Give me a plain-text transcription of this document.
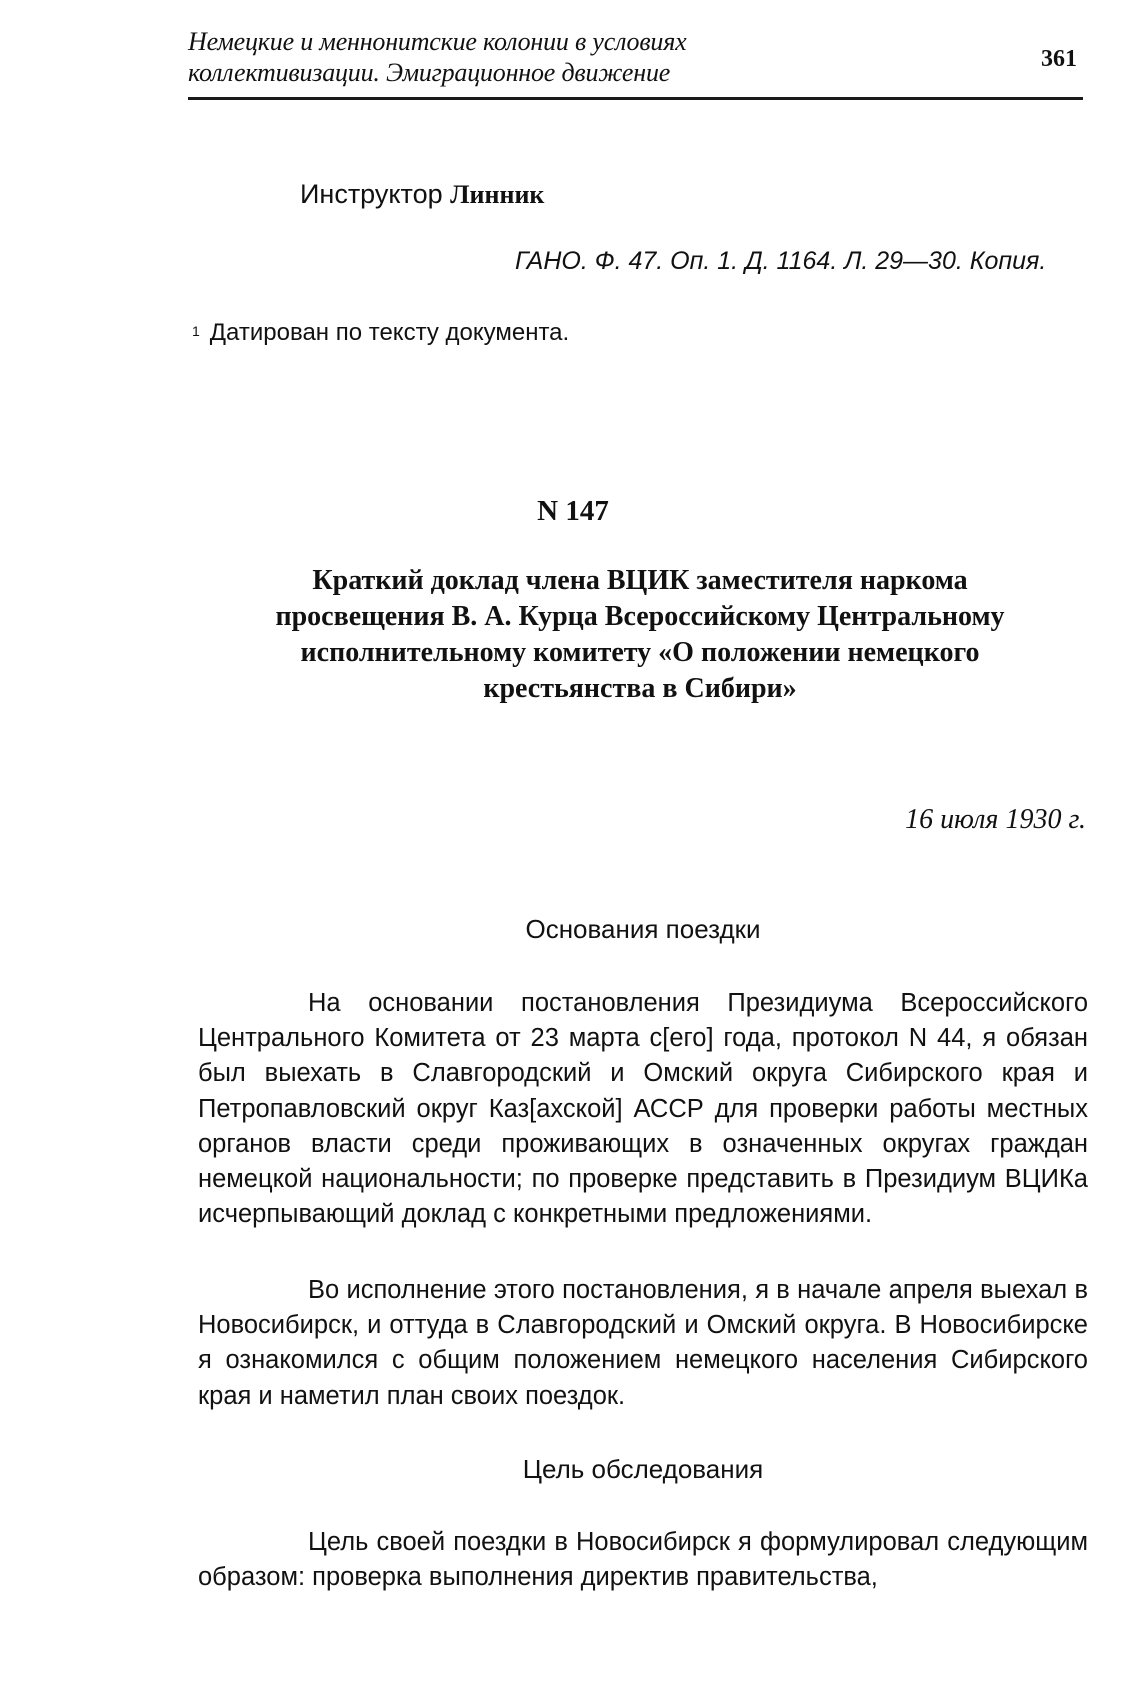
Немецкие и меннонитские колонии в условиях коллективизации. Эмиграционное движение	361
Инструктор Линник
ГАНО. Ф. 47. Оп. 1. Д. 1164. Л. 29—30. Копия.
$^1$ Датирован по тексту документа.
N 147
Краткий доклад члена ВЦИК заместителя наркома просвещения В. А. Курца Всероссийскому Центральному исполнительному комитету «О положении немецкого крестьянства в Сибири»
16 июля 1930 г.
Основания поездки
На основании постановления Президиума Всероссийского Центрального Комитета от 23 марта с[его] года, протокол N 44, я обязан был выехать в Славгородский и Омский округа Сибирского края и Петропавловский округ Каз[ахской] АССР для проверки работы местных органов власти среди проживающих в означенных округах граждан немецкой национальности; по проверке представить в Президиум ВЦИКа исчерпывающий доклад с конкретными предложениями.
Во исполнение этого постановления, я в начале апреля выехал в Новосибирск, и оттуда в Славгородский и Омский округа. В Новосибирске я ознакомился с общим положением немецкого населения Сибирского края и наметил план своих поездок.
Цель обследования
Цель своей поездки в Новосибирск я формулировал следующим образом: проверка выполнения директив правительства,
